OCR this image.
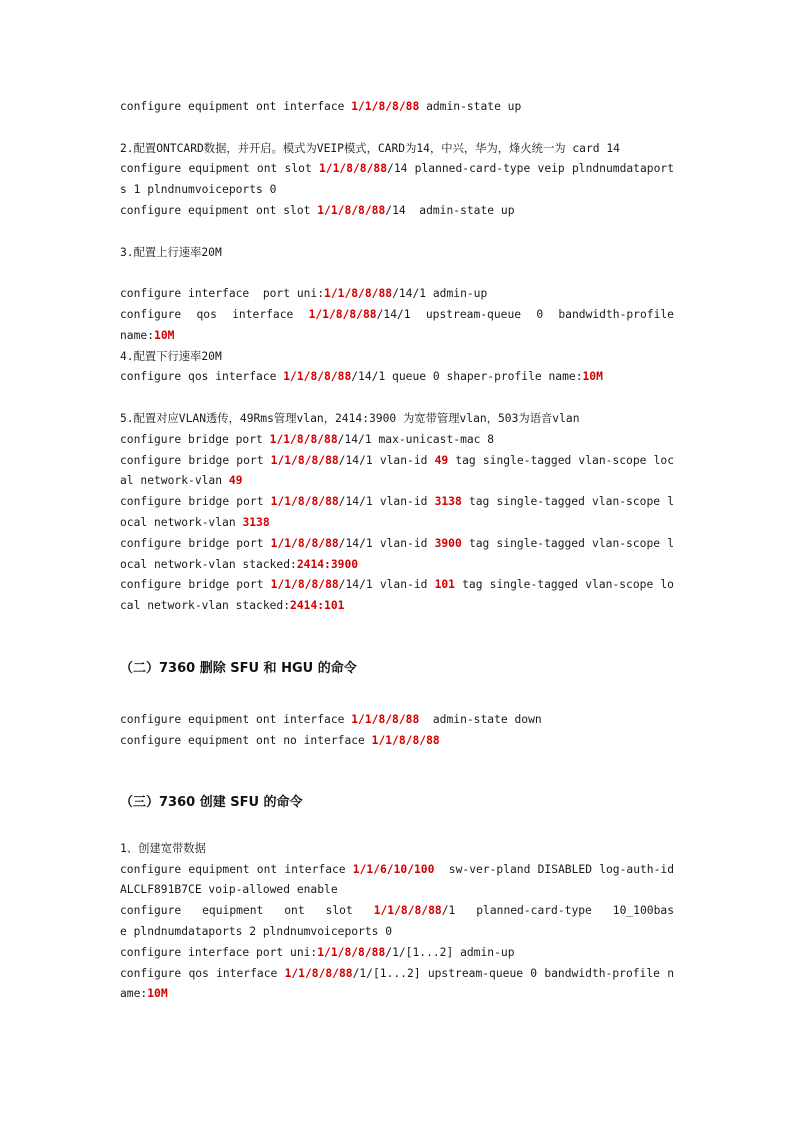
configure equipment ont interface 1/1/8/8/88 admin-state up
2.配置ONTCARD数据，并开启。模式为VEIP模式，CARD为14，中兴，华为，烽火统一为 card 14
configure equipment ont slot 1/1/8/8/88/14 planned-card-type veip plndnumdataports 1 plndnumvoiceports 0
configure equipment ont slot 1/1/8/8/88/14  admin-state up
3.配置上行速率20M
configure interface  port uni:1/1/8/8/88/14/1 admin-up
configure  qos  interface  1/1/8/8/88/14/1  upstream-queue  0  bandwidth-profile name:10M
4.配置下行速率20M
configure qos interface 1/1/8/8/88/14/1 queue 0 shaper-profile name:10M
5.配置对应VLAN透传，49Rms管理vlan，2414:3900 为宽带管理vlan，503为语音vlan
configure bridge port 1/1/8/8/88/14/1 max-unicast-mac 8
configure bridge port 1/1/8/8/88/14/1 vlan-id 49 tag single-tagged vlan-scope local network-vlan 49
configure bridge port 1/1/8/8/88/14/1 vlan-id 3138 tag single-tagged vlan-scope local network-vlan 3138
configure bridge port 1/1/8/8/88/14/1 vlan-id 3900 tag single-tagged vlan-scope local network-vlan stacked:2414:3900
configure bridge port 1/1/8/8/88/14/1 vlan-id 101 tag single-tagged vlan-scope local network-vlan stacked:2414:101
（二）7360 删除 SFU 和 HGU 的命令
configure equipment ont interface 1/1/8/8/88  admin-state down
configure equipment ont no interface 1/1/8/8/88
（三）7360 创建 SFU 的命令
1、创建宽带数据
configure equipment ont interface 1/1/6/10/100  sw-ver-pland DISABLED log-auth-id ALCLF891B7CE voip-allowed enable
configure   equipment   ont   slot   1/1/8/8/88/1   planned-card-type   10_100base plndnumdataports 2 plndnumvoiceports 0
configure interface port uni:1/1/8/8/88/1/[1...2] admin-up
configure qos interface 1/1/8/8/88/1/[1...2] upstream-queue 0 bandwidth-profile name:10M
